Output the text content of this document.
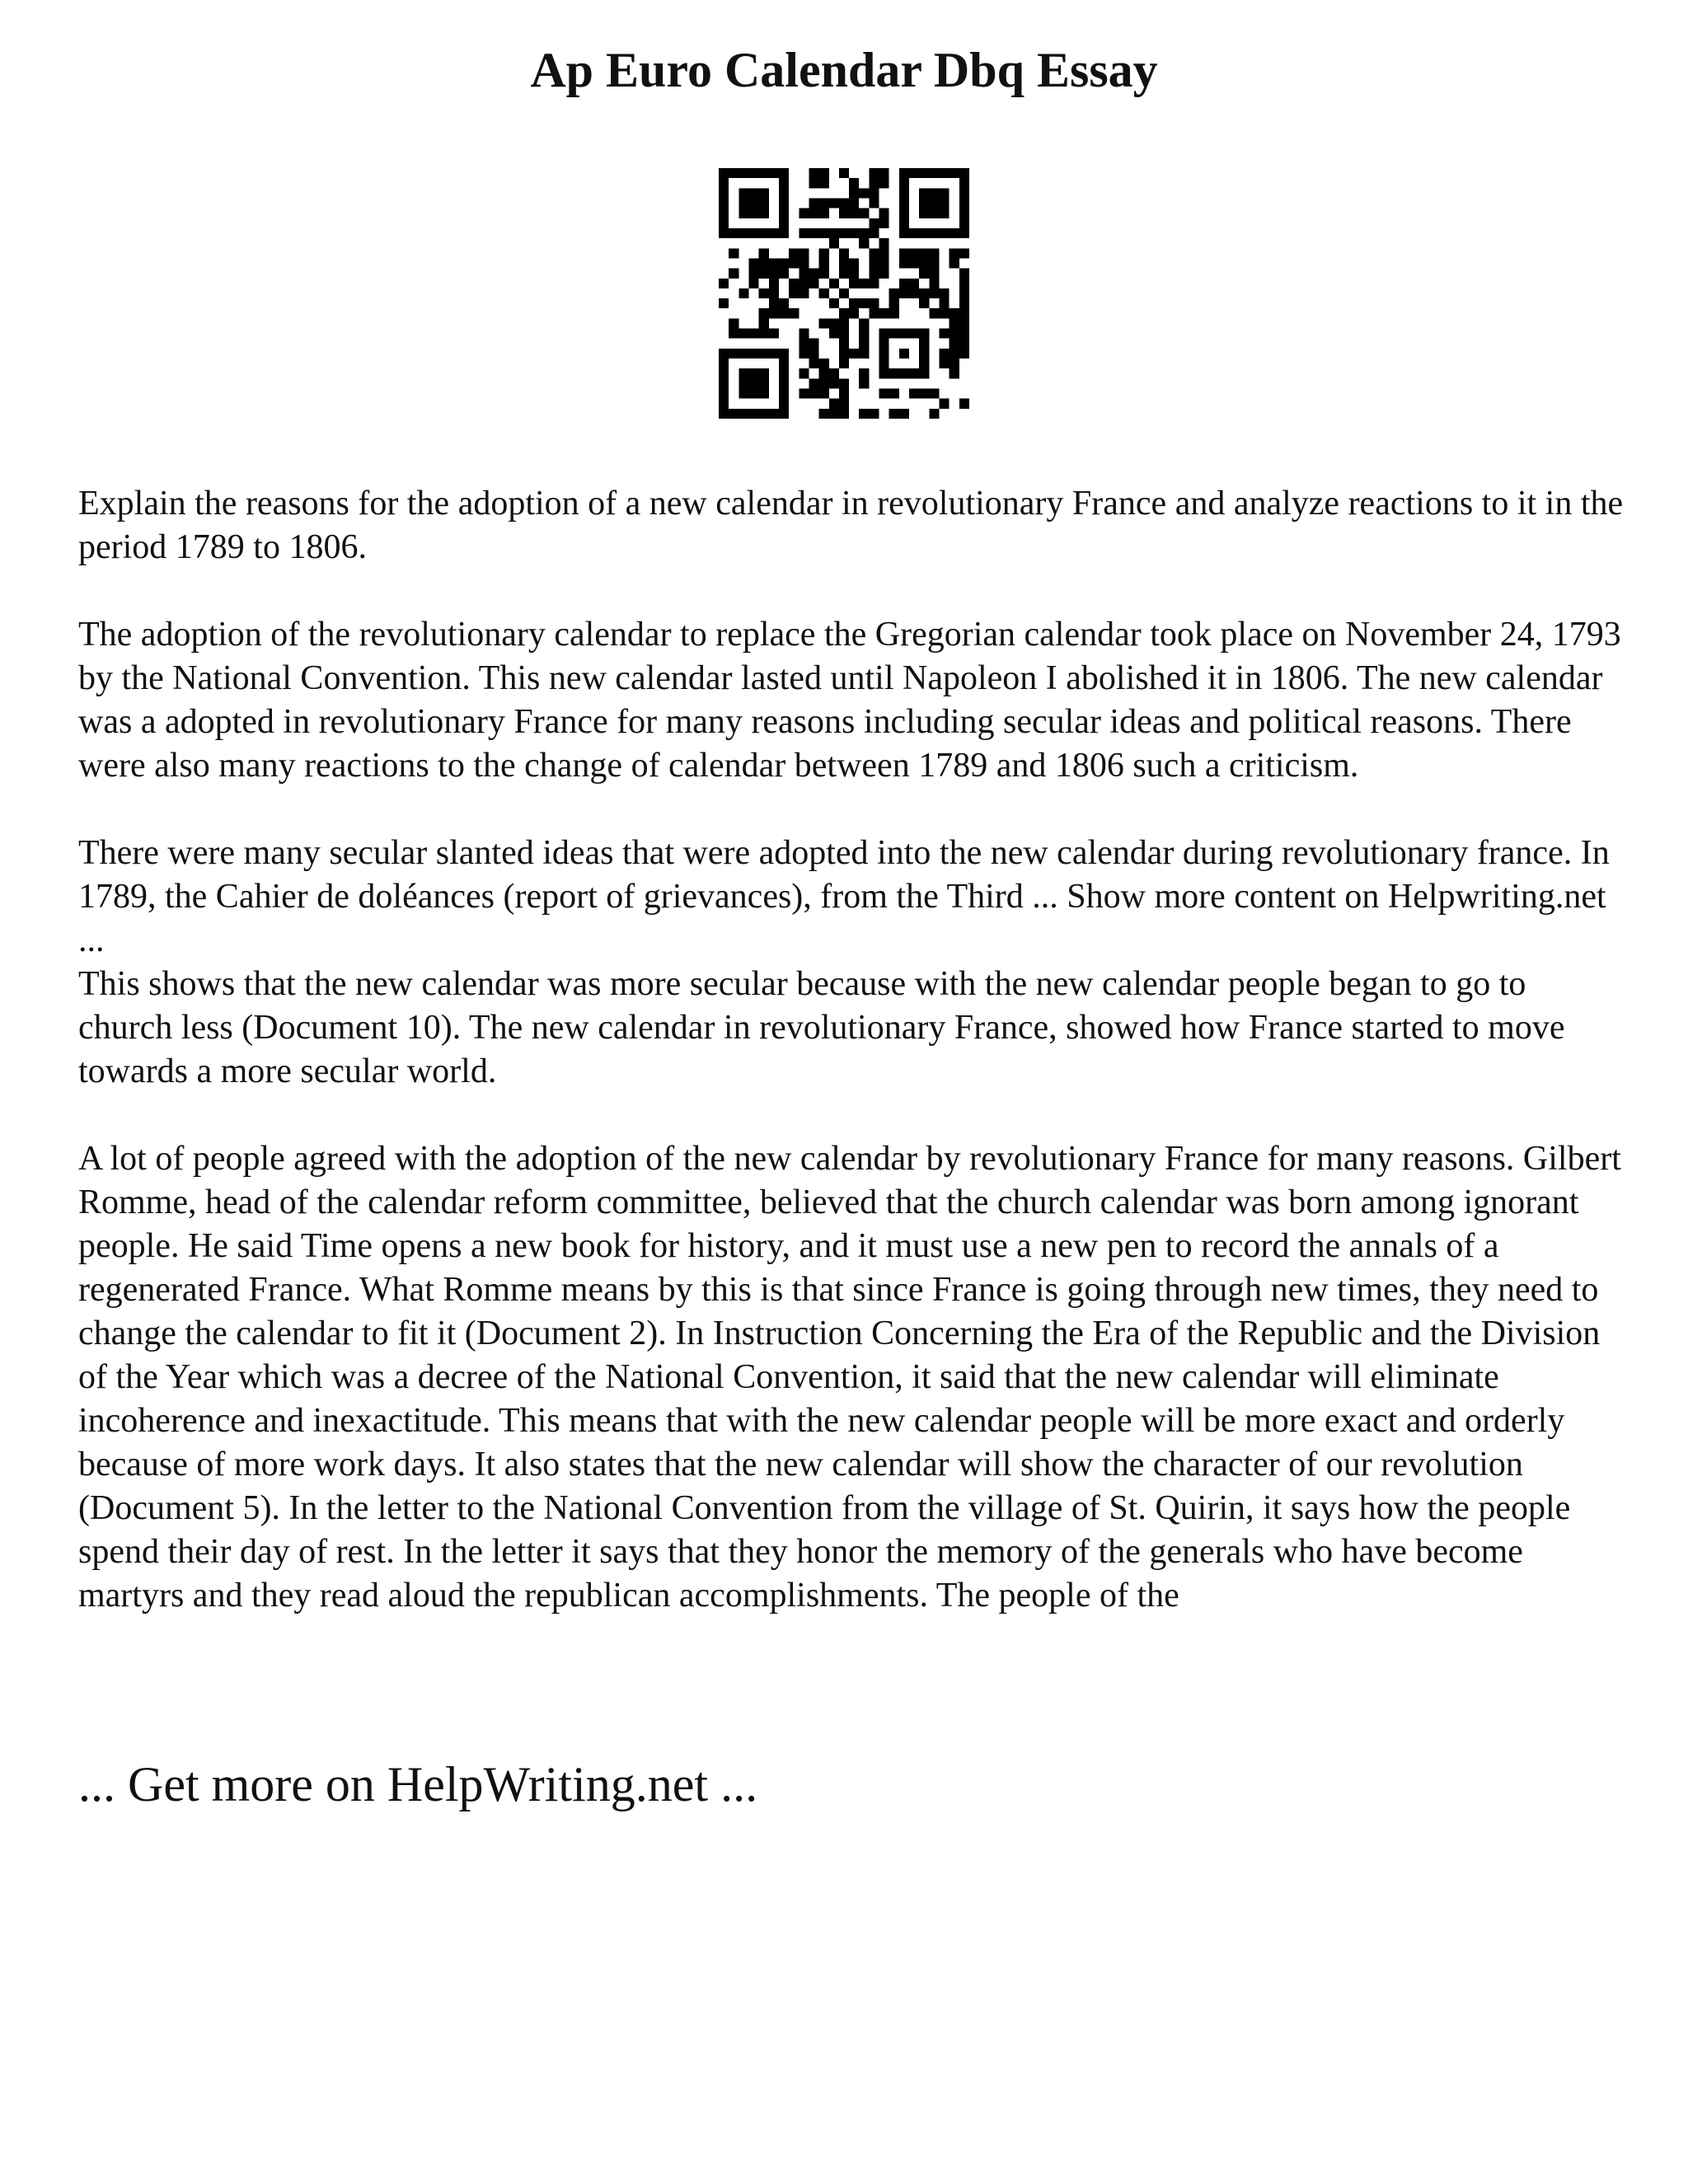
Ap Euro Calendar Dbq Essay

Explain the reasons for the adoption of a new calendar in revolutionary France and analyze reactions to it in the period 1789 to 1806.

The adoption of the revolutionary calendar to replace the Gregorian calendar took place on November 24, 1793 by the National Convention. This new calendar lasted until Napoleon I abolished it in 1806. The new calendar was a adopted in revolutionary France for many reasons including secular ideas and political reasons. There were also many reactions to the change of calendar between 1789 and 1806 such a criticism.

There were many secular slanted ideas that were adopted into the new calendar during revolutionary france. In 1789, the Cahier de doléances (report of grievances), from the Third ... Show more content on Helpwriting.net ...

This shows that the new calendar was more secular because with the new calendar people began to go to church less (Document 10). The new calendar in revolutionary France, showed how France started to move towards a more secular world.

A lot of people agreed with the adoption of the new calendar by revolutionary France for many reasons. Gilbert Romme, head of the calendar reform committee, believed that the church calendar was born among ignorant people. He said Time opens a new book for history, and it must use a new pen to record the annals of a regenerated France. What Romme means by this is that since France is going through new times, they need to change the calendar to fit it (Document 2). In Instruction Concerning the Era of the Republic and the Division of the Year which was a decree of the National Convention, it said that the new calendar will eliminate incoherence and inexactitude. This means that with the new calendar people will be more exact and orderly because of more work days. It also states that the new calendar will show the character of our revolution (Document 5). In the letter to the National Convention from the village of St. Quirin, it says how the people spend their day of rest. In the letter it says that they honor the memory of the generals who have become martyrs and they read aloud the republican accomplishments. The people of the

... Get more on HelpWriting.net ...
